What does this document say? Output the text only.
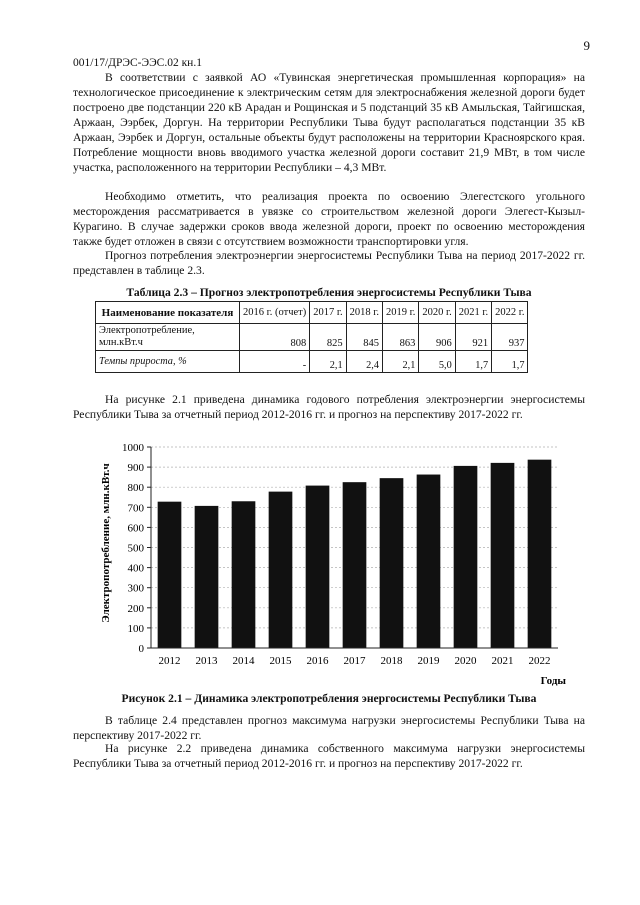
9
001/17/ДРЭС-ЭЭС.02 кн.1

В соответствии с заявкой АО «Тувинская энергетическая промышленная корпорация» на технологическое присоединение к электрическим сетям для электроснабжения железной дороги будет построено две подстанции 220 кВ Арадан и Рощинская и 5 подстанций 35 кВ Амыльская, Тайгишская, Аржаан, Ээрбек, Доргун. На территории Республики Тыва будут располагаться подстанции 35 кВ Аржаан, Ээрбек и Доргун, остальные объекты будут расположены на территории Красноярского края. Потребление мощности вновь вводимого участка железной дороги составит 21,9 МВт, в том числе участка, расположенного на территории Республики – 4,3 МВт.

Необходимо отметить, что реализация проекта по освоению Элегестского угольного месторождения рассматривается в увязке со строительством железной дороги Элегест-Кызыл-Курагино. В случае задержки сроков ввода железной дороги, проект по освоению месторождения также будет отложен в связи с отсутствием возможности транспортировки угля.

Прогноз потребления электроэнергии энергосистемы Республики Тыва на период 2017-2022 гг. представлен в таблице 2.3.

Таблица 2.3 – Прогноз электропотребления энергосистемы Республики Тыва
Наименование показателя	2016 г. (отчет)	2017 г.	2018 г.	2019 г.	2020 г.	2021 г.	2022 г.
Электропотребление, млн.кВт.ч	808	825	845	863	906	921	937
Темпы прироста, %	-	2,1	2,4	2,1	5,0	1,7	1,7

На рисунке 2.1 приведена динамика годового потребления электроэнергии энергосистемы Республики Тыва за отчетный период 2012-2016 гг. и прогноз на перспективу 2017-2022 гг.

0
100
200
300
400
500
600
700
800
900
1000
2012 2013 2014 2015 2016 2017 2018 2019 2020 2021 2022
Электропотребление, млн.кВт.ч
Годы
Рисунок 2.1 – Динамика электропотребления энергосистемы Республики Тыва

В таблице 2.4 представлен прогноз максимума нагрузки энергосистемы Республики Тыва на перспективу 2017-2022 гг.

На рисунке 2.2 приведена динамика собственного максимума нагрузки энергосистемы Республики Тыва за отчетный период 2012-2016 гг. и прогноз на перспективу 2017-2022 гг.
